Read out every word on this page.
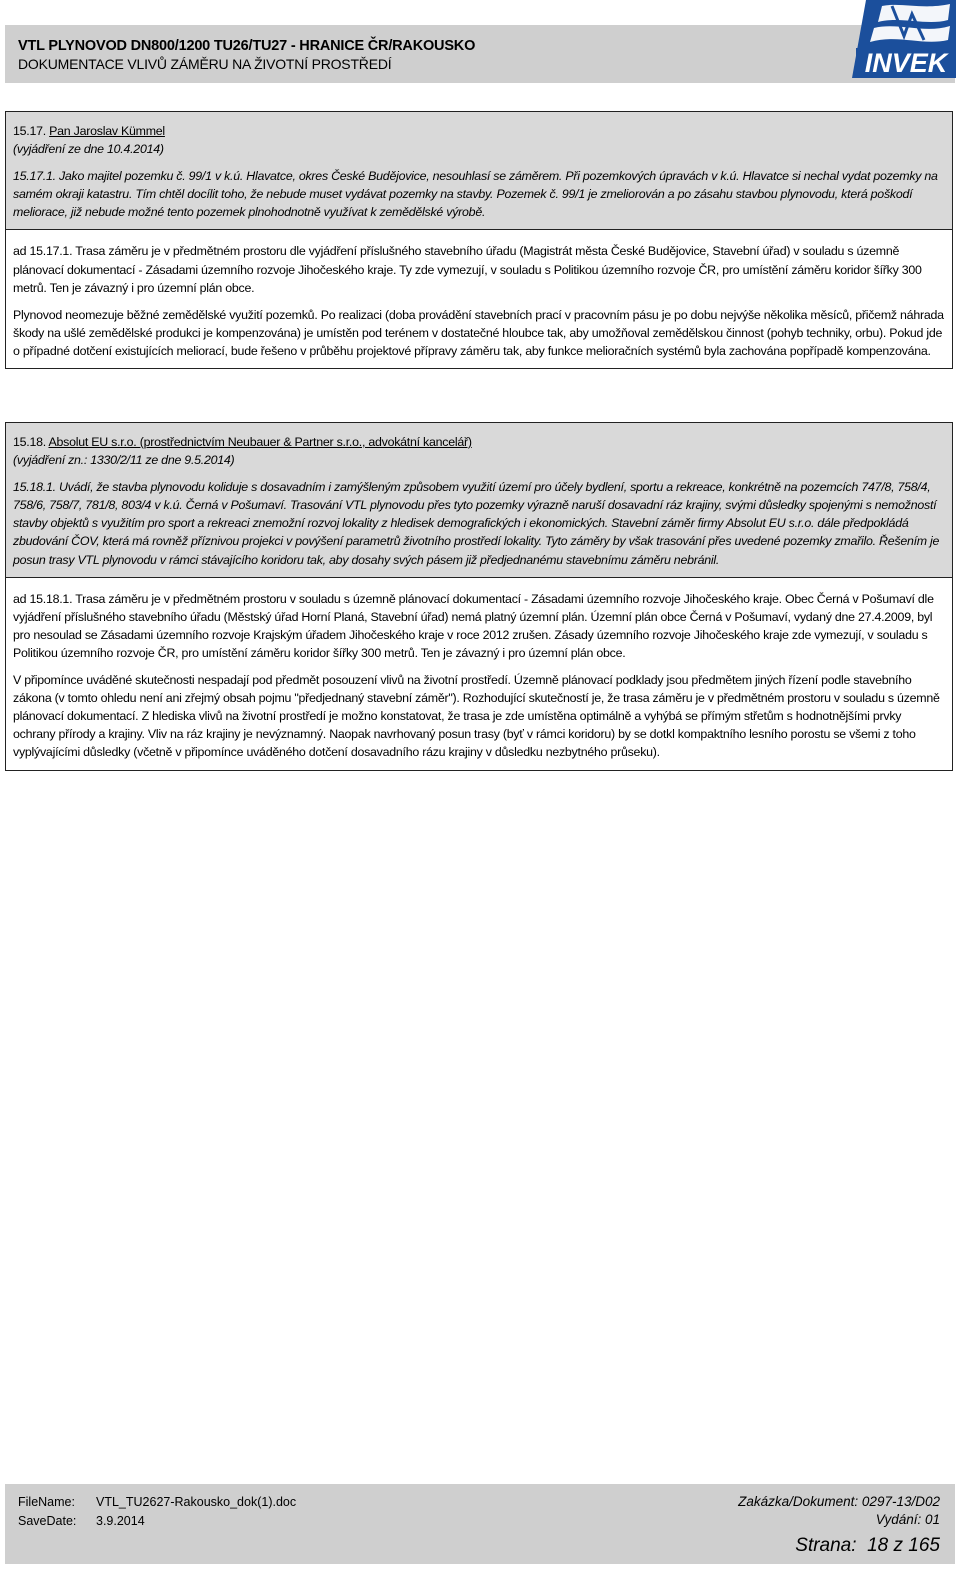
VTL PLYNOVOD DN800/1200 TU26/TU27 - HRANICE ČR/RAKOUSKO
DOKUMENTACE VLIVŮ ZÁMĚRU NA ŽIVOTNÍ PROSTŘEDÍ	INVEK

15.17. Pan Jaroslav Kümmel

(vyjádření ze dne 10.4.2014)

15.17.1. Jako majitel pozemku č. 99/1 v k.ú. Hlavatce, okres České Budějovice, nesouhlasí se záměrem. Při pozemkových úpravách v k.ú. Hlavatce si nechal vydat pozemky na samém okraji katastru. Tím chtěl docílit toho, že nebude muset vydávat pozemky na stavby. Pozemek č. 99/1 je zmeliorován a po zásahu stavbou plynovodu, která poškodí meliorace, již nebude možné tento pozemek plnohodnotně využívat k zemědělské výrobě.

ad 15.17.1. Trasa záměru je v předmětném prostoru dle vyjádření příslušného stavebního úřadu (Magistrát města České Budějovice, Stavební úřad) v souladu s územně plánovací dokumentací - Zásadami územního rozvoje Jihočeského kraje. Ty zde vymezují, v souladu s Politikou územního rozvoje ČR, pro umístění záměru koridor šířky 300 metrů. Ten je závazný i pro územní plán obce.

Plynovod neomezuje běžné zemědělské využití pozemků. Po realizaci (doba provádění stavebních prací v pracovním pásu je po dobu nejvýše několika měsíců, přičemž náhrada škody na ušlé zemědělské produkci je kompenzována) je umístěn pod terénem v dostatečné hloubce tak, aby umožňoval zemědělskou činnost (pohyb techniky, orbu). Pokud jde o případné dotčení existujících meliorací, bude řešeno v průběhu projektové přípravy záměru tak, aby funkce melioračních systémů byla zachována popřípadě kompenzována.

15.18. Absolut EU s.r.o. (prostřednictvím Neubauer & Partner s.r.o., advokátní kancelář)

(vyjádření zn.: 1330/2/11 ze dne 9.5.2014)

15.18.1. Uvádí, že stavba plynovodu koliduje s dosavadním i zamýšleným způsobem využití území pro účely bydlení, sportu a rekreace, konkrétně na pozemcích 747/8, 758/4, 758/6, 758/7, 781/8, 803/4 v k.ú. Černá v Pošumaví. Trasování VTL plynovodu přes tyto pozemky výrazně naruší dosavadní ráz krajiny, svými důsledky spojenými s nemožností stavby objektů s využitím pro sport a rekreaci znemožní rozvoj lokality z hledisek demografických i ekonomických. Stavební záměr firmy Absolut EU s.r.o. dále předpokládá zbudování ČOV, která má rovněž příznivou projekci v povýšení parametrů životního prostředí lokality. Tyto záměry by však trasování přes uvedené pozemky zmařilo. Řešením je posun trasy VTL plynovodu v rámci stávajícího koridoru tak, aby dosahy svých pásem již předjednanému stavebnímu záměru nebránil.

ad 15.18.1. Trasa záměru je v předmětném prostoru v souladu s územně plánovací dokumentací - Zásadami územního rozvoje Jihočeského kraje. Obec Černá v Pošumaví dle vyjádření příslušného stavebního úřadu (Městský úřad Horní Planá, Stavební úřad) nemá platný územní plán. Územní plán obce Černá v Pošumaví, vydaný dne 27.4.2009, byl pro nesoulad se Zásadami územního rozvoje Krajským úřadem Jihočeského kraje v roce 2012 zrušen. Zásady územního rozvoje Jihočeského kraje zde vymezují, v souladu s Politikou územního rozvoje ČR, pro umístění záměru koridor šířky 300 metrů. Ten je závazný i pro územní plán obce.

V připomínce uváděné skutečnosti nespadají pod předmět posouzení vlivů na životní prostředí. Územně plánovací podklady jsou předmětem jiných řízení podle stavebního zákona (v tomto ohledu není ani zřejmý obsah pojmu "předjednaný stavební záměr"). Rozhodující skutečností je, že trasa záměru je v předmětném prostoru v souladu s územně plánovací dokumentací. Z hlediska vlivů na životní prostředí je možno konstatovat, že trasa je zde umístěna optimálně a vyhýbá se přímým střetům s hodnotnějšími prvky ochrany přírody a krajiny. Vliv na ráz krajiny je nevýznamný. Naopak navrhovaný posun trasy (byť v rámci koridoru) by se dotkl kompaktního lesního porostu se všemi z toho vyplývajícími důsledky (včetně v připomínce uváděného dotčení dosavadního rázu krajiny v důsledku nezbytného průseku).

FileName: VTL_TU2627-Rakousko_dok(1).doc
SaveDate: 3.9.2014
Zakázka/Dokument: 0297-13/D02
Vydání: 01
Strana: 18 z 165
